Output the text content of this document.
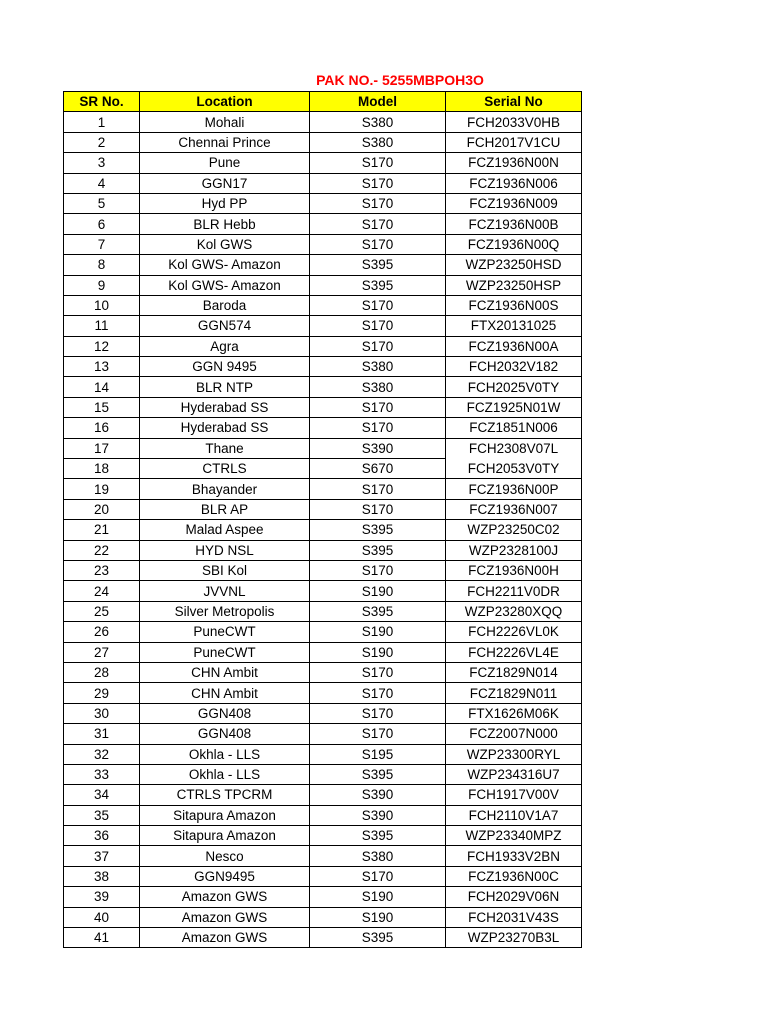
PAK NO.- 5255MBPOH3O
SR No.	Location	Model	Serial No
1	Mohali	S380	FCH2033V0HB
2	Chennai Prince	S380	FCH2017V1CU
3	Pune	S170	FCZ1936N00N
4	GGN17	S170	FCZ1936N006
5	Hyd PP	S170	FCZ1936N009
6	BLR Hebb	S170	FCZ1936N00B
7	Kol GWS	S170	FCZ1936N00Q
8	Kol GWS- Amazon	S395	WZP23250HSD
9	Kol GWS- Amazon	S395	WZP23250HSP
10	Baroda	S170	FCZ1936N00S
11	GGN574	S170	FTX20131025
12	Agra	S170	FCZ1936N00A
13	GGN 9495	S380	FCH2032V182
14	BLR NTP	S380	FCH2025V0TY
15	Hyderabad SS	S170	FCZ1925N01W
16	Hyderabad SS	S170	FCZ1851N006
17	Thane	S390	FCH2308V07L
18	CTRLS	S670	FCH2053V0TY
19	Bhayander	S170	FCZ1936N00P
20	BLR AP	S170	FCZ1936N007
21	Malad Aspee	S395	WZP23250C02
22	HYD NSL	S395	WZP2328100J
23	SBI Kol	S170	FCZ1936N00H
24	JVVNL	S190	FCH2211V0DR
25	Silver Metropolis	S395	WZP23280XQQ
26	PuneCWT	S190	FCH2226VL0K
27	PuneCWT	S190	FCH2226VL4E
28	CHN Ambit	S170	FCZ1829N014
29	CHN Ambit	S170	FCZ1829N011
30	GGN408	S170	FTX1626M06K
31	GGN408	S170	FCZ2007N000
32	Okhla - LLS	S195	WZP23300RYL
33	Okhla - LLS	S395	WZP234316U7
34	CTRLS TPCRM	S390	FCH1917V00V
35	Sitapura Amazon	S390	FCH2110V1A7
36	Sitapura Amazon	S395	WZP23340MPZ
37	Nesco	S380	FCH1933V2BN
38	GGN9495	S170	FCZ1936N00C
39	Amazon GWS	S190	FCH2029V06N
40	Amazon GWS	S190	FCH2031V43S
41	Amazon GWS	S395	WZP23270B3L
